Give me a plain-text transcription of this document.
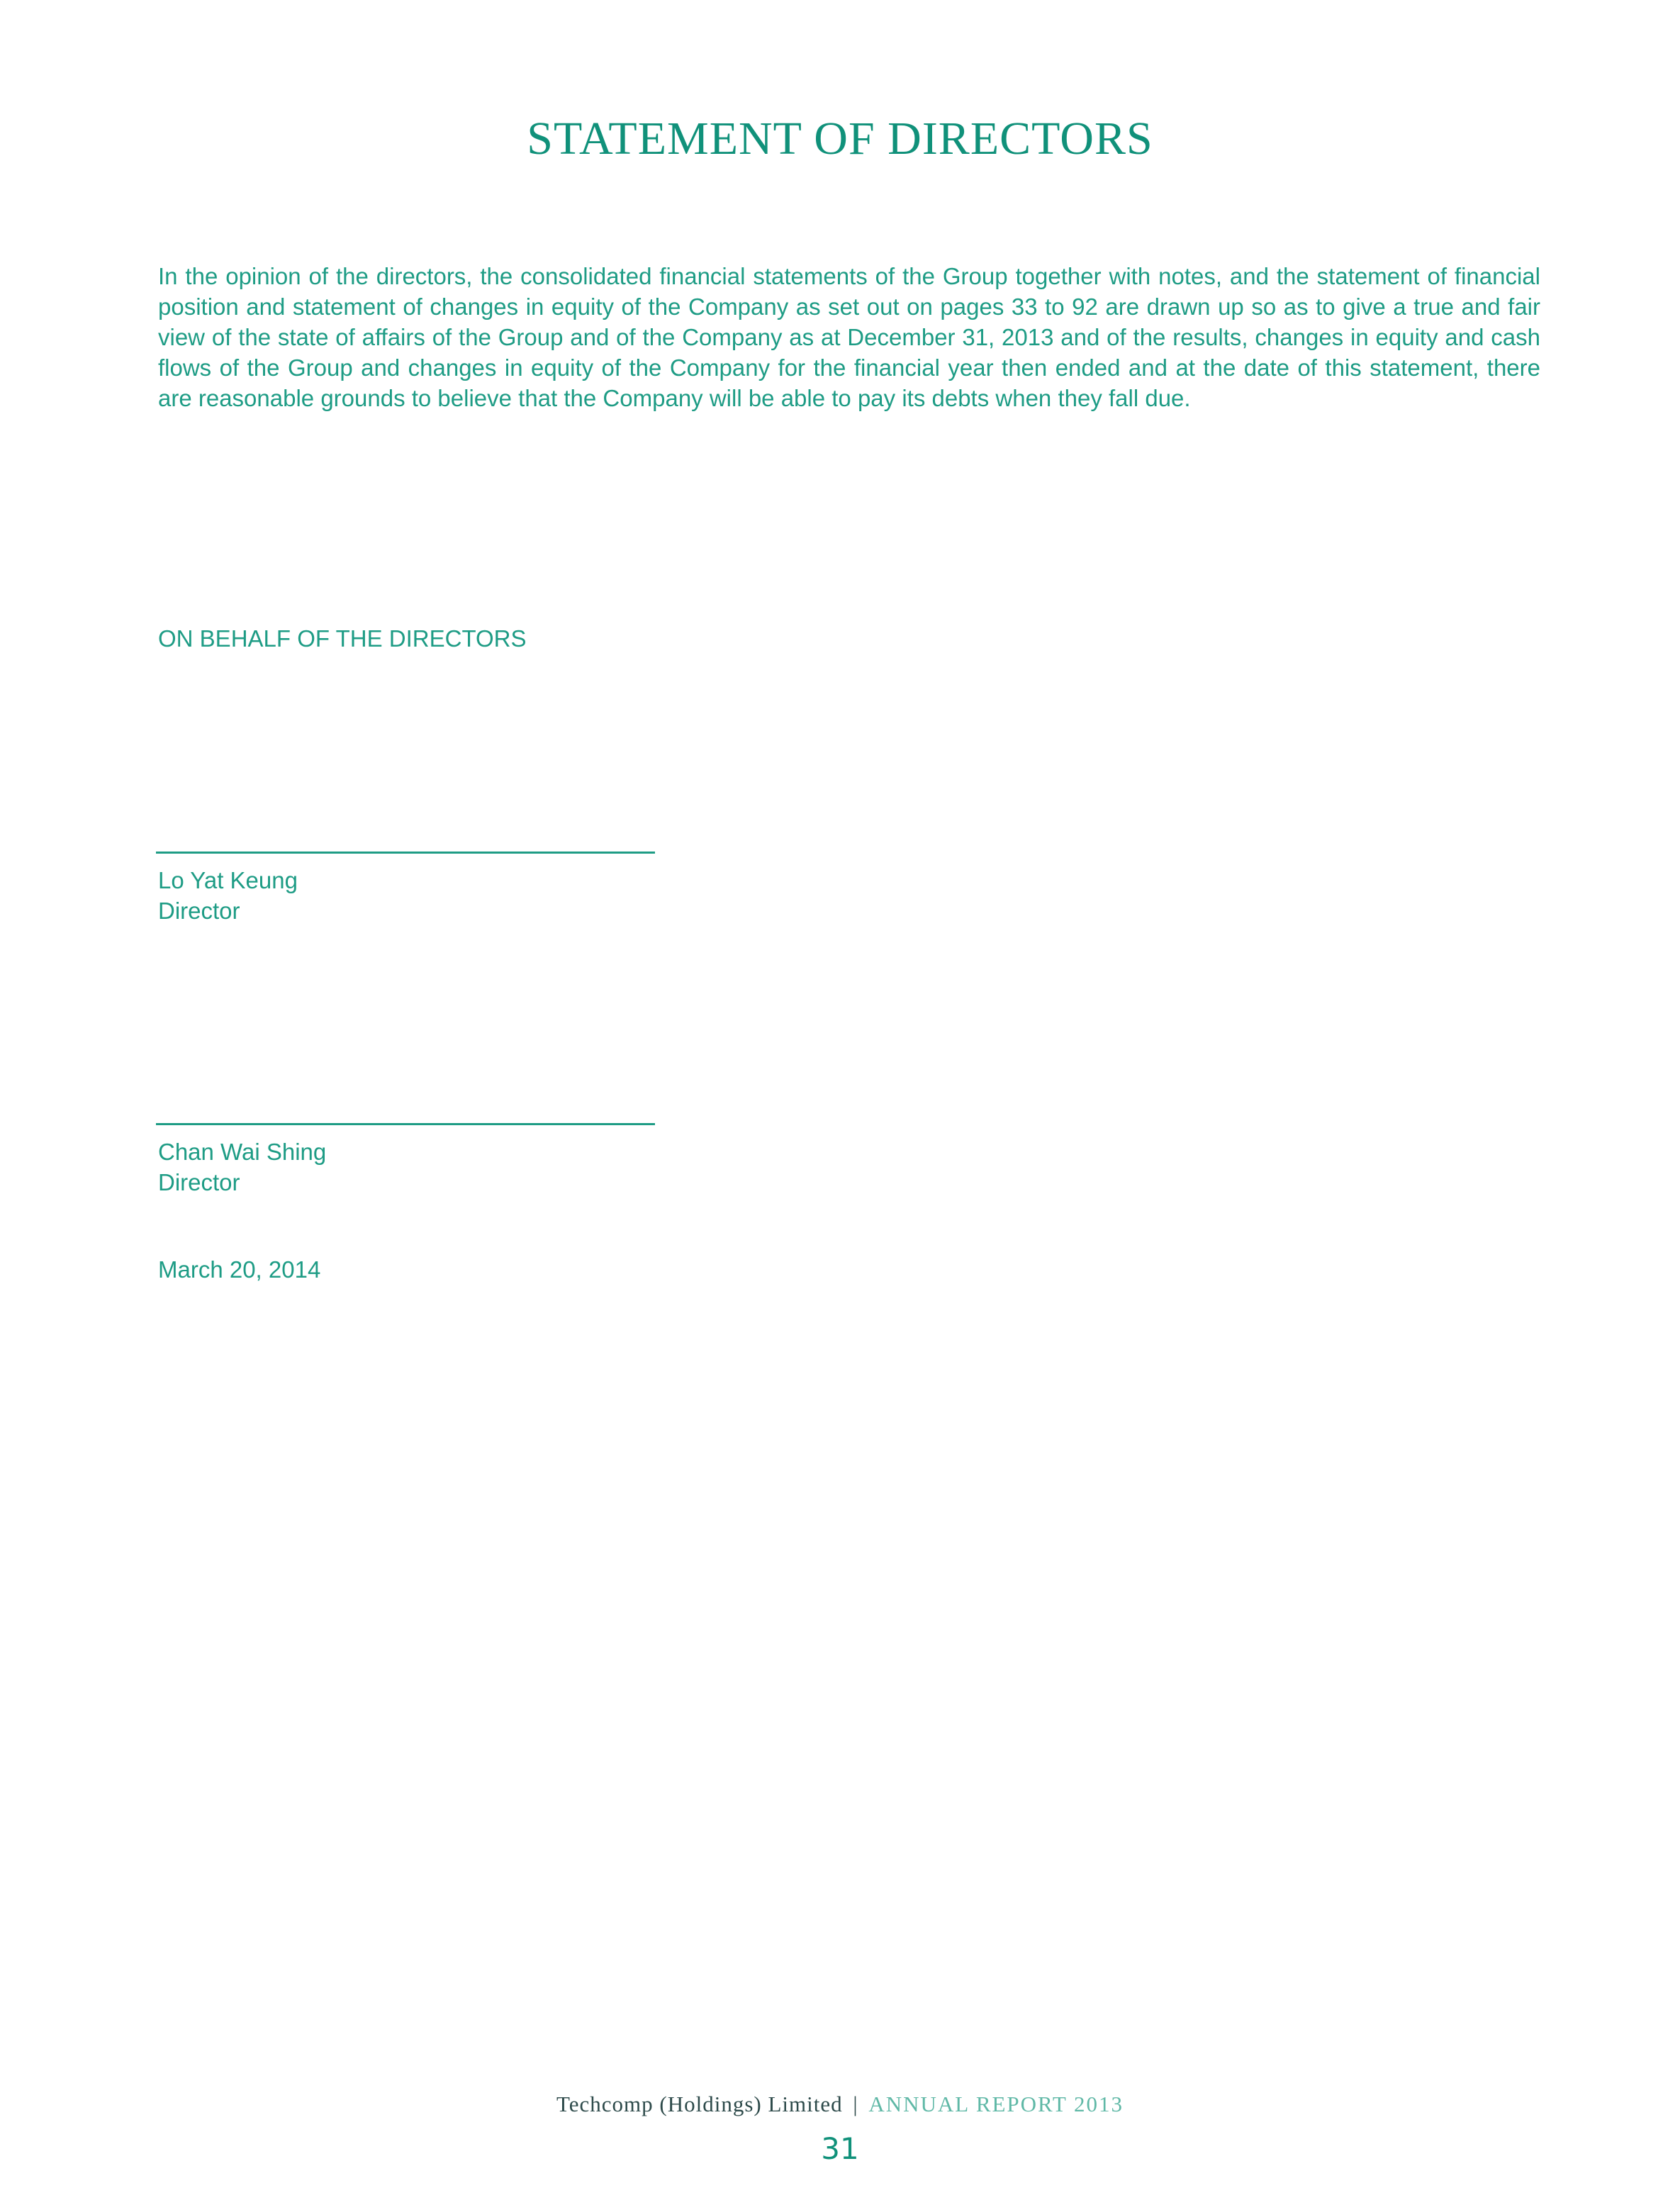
STATEMENT OF DIRECTORS

In the opinion of the directors, the consolidated financial statements of the Group together with notes, and the statement of financial position and statement of changes in equity of the Company as set out on pages 33 to 92 are drawn up so as to give a true and fair view of the state of affairs of the Group and of the Company as at December 31, 2013 and of the results, changes in equity and cash flows of the Group and changes in equity of the Company for the financial year then ended and at the date of this statement, there are reasonable grounds to believe that the Company will be able to pay its debts when they fall due.

ON BEHALF OF THE DIRECTORS
Lo Yat Keung
Director
Chan Wai Shing
Director
March 20, 2014
Techcomp (Holdings) Limited | ANNUAL REPORT 2013
31
